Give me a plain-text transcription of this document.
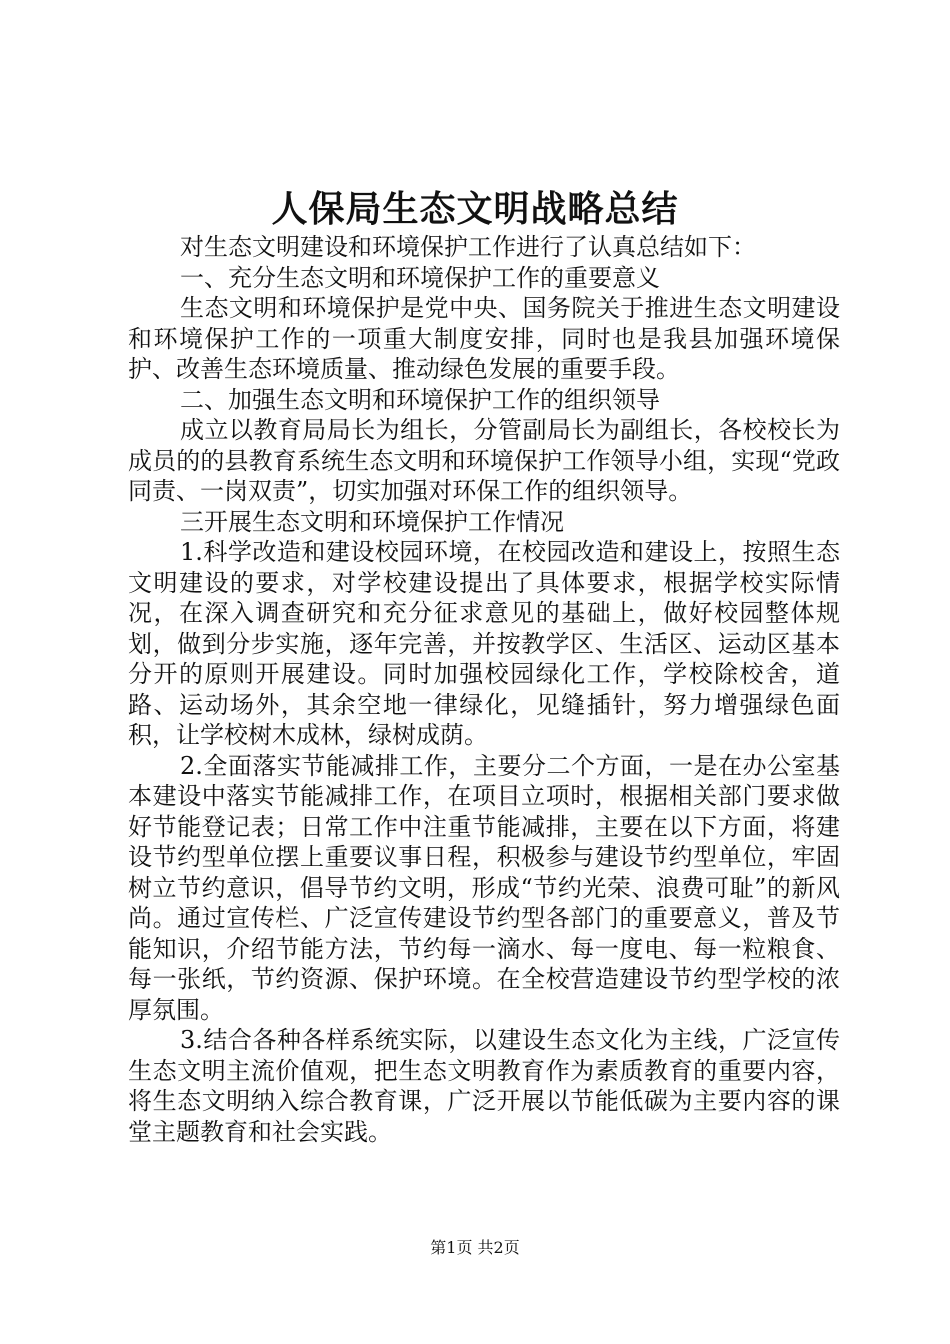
人保局生态文明战略总结

对生态文明建设和环境保护工作进行了认真总结如下：

一、充分生态文明和环境保护工作的重要意义

生态文明和环境保护是党中央、国务院关于推进生态文明建设和环境保护工作的一项重大制度安排，同时也是我县加强环境保护、改善生态环境质量、推动绿色发展的重要手段。

二、加强生态文明和环境保护工作的组织领导

成立以教育局局长为组长，分管副局长为副组长，各校校长为成员的的县教育系统生态文明和环境保护工作领导小组，实现“党政同责、一岗双责”，切实加强对环保工作的组织领导。

三开展生态文明和环境保护工作情况

1.科学改造和建设校园环境，在校园改造和建设上，按照生态文明建设的要求，对学校建设提出了具体要求，根据学校实际情况，在深入调查研究和充分征求意见的基础上，做好校园整体规划，做到分步实施，逐年完善，并按教学区、生活区、运动区基本分开的原则开展建设。同时加强校园绿化工作，学校除校舍，道路、运动场外，其余空地一律绿化，见缝插针，努力增强绿色面积，让学校树木成林，绿树成荫。

2.全面落实节能减排工作，主要分二个方面，一是在办公室基本建设中落实节能减排工作，在项目立项时，根据相关部门要求做好节能登记表；日常工作中注重节能减排，主要在以下方面，将建设节约型单位摆上重要议事日程，积极参与建设节约型单位，牢固树立节约意识，倡导节约文明，形成“节约光荣、浪费可耻”的新风尚。通过宣传栏、广泛宣传建设节约型各部门的重要意义，普及节能知识，介绍节能方法，节约每一滴水、每一度电、每一粒粮食、每一张纸，节约资源、保护环境。在全校营造建设节约型学校的浓厚氛围。

3.结合各种各样系统实际，以建设生态文化为主线，广泛宣传生态文明主流价值观，把生态文明教育作为素质教育的重要内容，将生态文明纳入综合教育课，广泛开展以节能低碳为主要内容的课堂主题教育和社会实践。

第1页 共2页
